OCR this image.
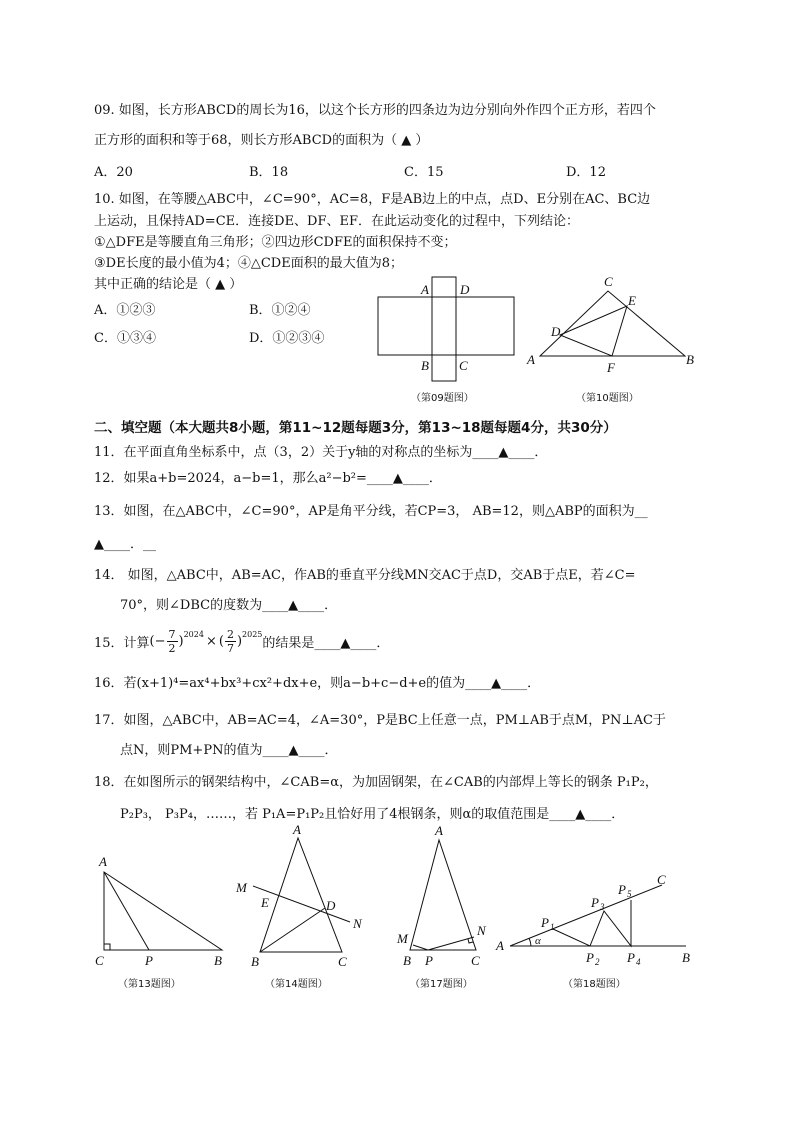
09. 如图，长方形ABCD的周长为16，以这个长方形的四条边为边分别向外作四个正方形，若四个
正方形的面积和等于68，则长方形ABCD的面积为（ ▲ ）
A．20	B．18	C．15	D．12
10. 如图，在等腰△ABC中，∠C=90°，AC=8，F是AB边上的中点，点D、E分别在AC、BC边
上运动，且保持AD=CE．连接DE、DF、EF．在此运动变化的过程中，下列结论：
①△DFE是等腰直角三角形；②四边形CDFE的面积保持不变；
③DE长度的最小值为4；④△CDE面积的最大值为8；
其中正确的结论是（ ▲ ）
A．①②③	B．①②④
C．①③④	D．①②③④
A D
B C
C
E
D
A
F
B
A
C	P	B
A
M
E	D
N
B	C
A
M
N
B P	C
C
P 5
P 3
P 1
A	α
P 2 P 4	B
（第09题图）	（第10题图）
二、填空题（本大题共8小题，第11~12题每题3分，第13~18题每题4分，共30分）
11．在平面直角坐标系中，点（3，2）关于y轴的对称点的坐标为____▲____．
12．如果a+b=2024，a−b=1，那么a²−b²=____▲____．
13．如图，在△ABC中，∠C=90°，AP是角平分线，若CP=3， AB=12，则△ABP的面积为__
▲____．__
14． 如图，△ABC中，AB=AC，作AB的垂直平分线MN交AC于点D，交AB于点E，若∠C=
70°，则∠DBC的度数为____▲____．
15．计算 (− $\frac{7}{2} )^{2024}$ × ( $\frac{2}{7} )^{2025}$
的结果是____▲____．
16．若(x+1)⁴=ax⁴+bx³+cx²+dx+e，则a−b+c−d+e的值为____▲____．
17．如图，△ABC中，AB=AC=4，∠A=30°，P是BC上任意一点，PM⊥AB于点M，PN⊥AC于
点N，则PM+PN的值为____▲____．
18．在如图所示的钢架结构中，∠CAB=α，为加固钢架，在∠CAB的内部焊上等长的钢条 P₁P₂，
P₂P₃， P₃P₄，……，若 P₁A=P₁P₂且恰好用了4根钢条，则α的取值范围是____▲____．
（第13题图）	（第14题图）	（第17题图）	（第18题图）
